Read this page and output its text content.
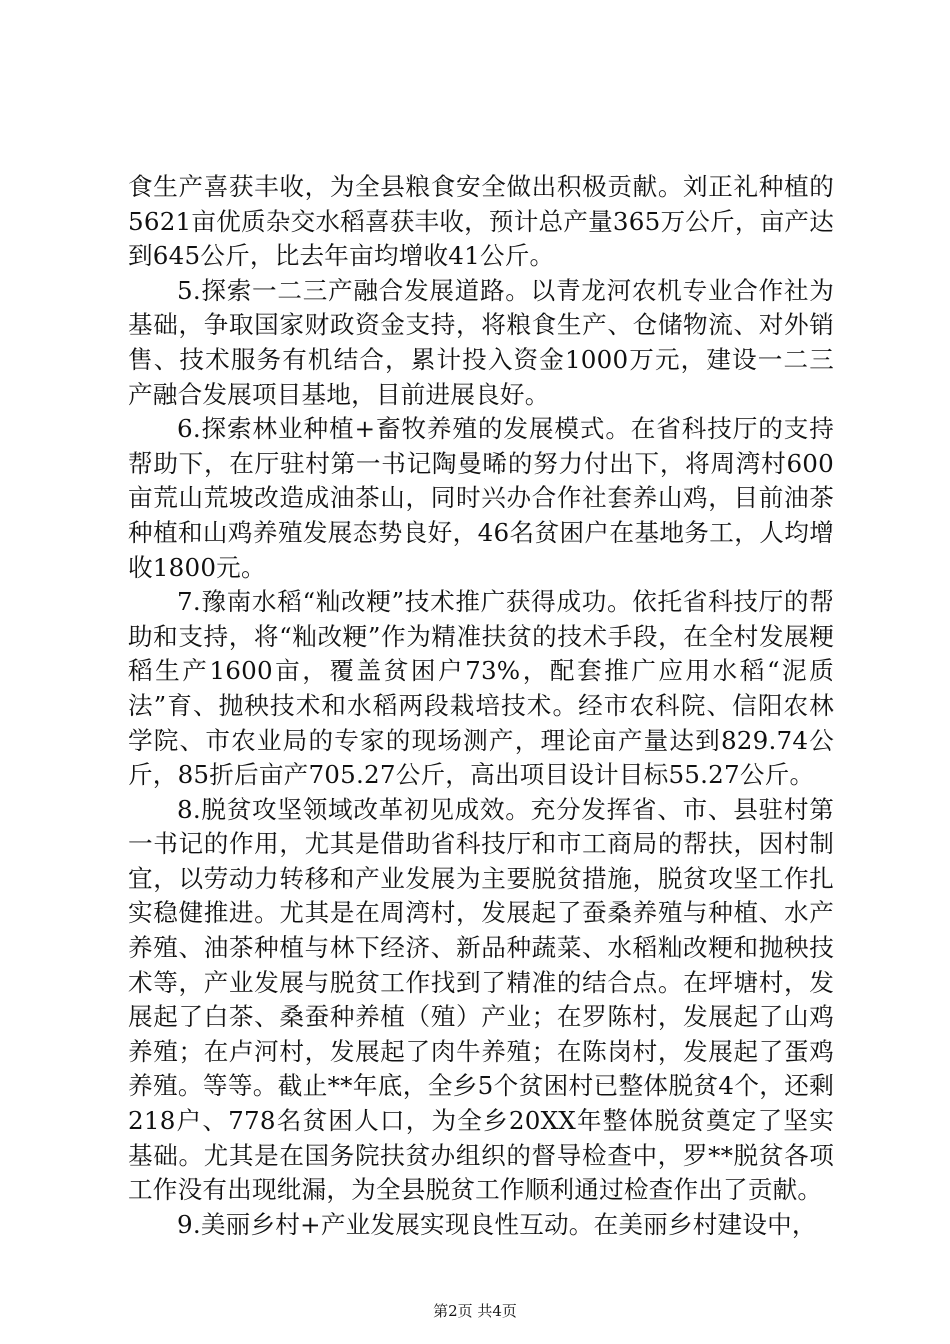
食生产喜获丰收，为全县粮食安全做出积极贡献。刘正礼种植的5621亩优质杂交水稻喜获丰收，预计总产量365万公斤，亩产达到645公斤，比去年亩均增收41公斤。

5.探索一二三产融合发展道路。以青龙河农机专业合作社为基础，争取国家财政资金支持，将粮食生产、仓储物流、对外销售、技术服务有机结合，累计投入资金1000万元，建设一二三产融合发展项目基地，目前进展良好。

6.探索林业种植+畜牧养殖的发展模式。在省科技厅的支持帮助下，在厅驻村第一书记陶曼晞的努力付出下，将周湾村600亩荒山荒坡改造成油茶山，同时兴办合作社套养山鸡，目前油茶种植和山鸡养殖发展态势良好，46名贫困户在基地务工，人均增收1800元。

7.豫南水稻“籼改粳”技术推广获得成功。依托省科技厅的帮助和支持，将“籼改粳”作为精准扶贫的技术手段，在全村发展粳稻生产1600亩，覆盖贫困户73%，配套推广应用水稻“泥质法”育、抛秧技术和水稻两段栽培技术。经市农科院、信阳农林学院、市农业局的专家的现场测产，理论亩产量达到829.74公斤，85折后亩产705.27公斤，高出项目设计目标55.27公斤。

8.脱贫攻坚领域改革初见成效。充分发挥省、市、县驻村第一书记的作用，尤其是借助省科技厅和市工商局的帮扶，因村制宜，以劳动力转移和产业发展为主要脱贫措施，脱贫攻坚工作扎实稳健推进。尤其是在周湾村，发展起了蚕桑养殖与种植、水产养殖、油茶种植与林下经济、新品种蔬菜、水稻籼改粳和抛秧技术等，产业发展与脱贫工作找到了精准的结合点。在坪塘村，发展起了白茶、桑蚕种养植（殖）产业；在罗陈村，发展起了山鸡养殖；在卢河村，发展起了肉牛养殖；在陈岗村，发展起了蛋鸡养殖。等等。截止**年底，全乡5个贫困村已整体脱贫4个，还剩218户、778名贫困人口，为全乡20XX年整体脱贫奠定了坚实基础。尤其是在国务院扶贫办组织的督导检查中，罗**脱贫各项工作没有出现纰漏，为全县脱贫工作顺利通过检查作出了贡献。

9.美丽乡村+产业发展实现良性互动。在美丽乡村建设中，

第2页 共4页
